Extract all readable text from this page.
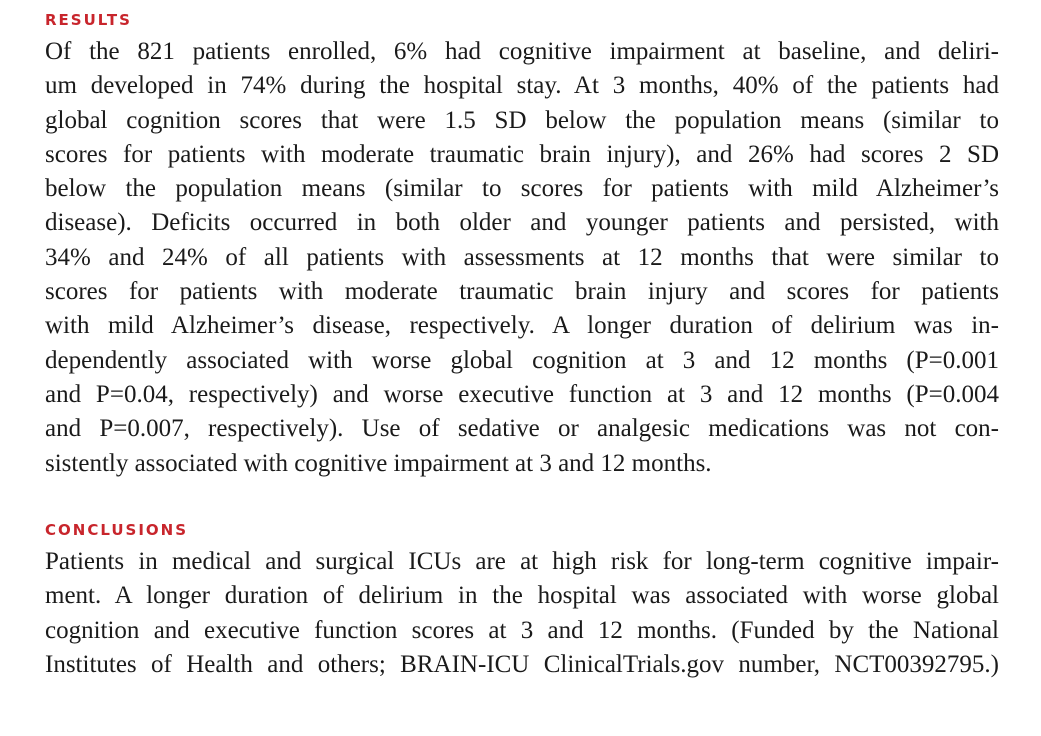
RESULTS
Of the 821 patients enrolled, 6% had cognitive impairment at baseline, and deliri-
um developed in 74% during the hospital stay. At 3 months, 40% of the patients had
global cognition scores that were 1.5 SD below the population means (similar to
scores for patients with moderate traumatic brain injury), and 26% had scores 2 SD
below the population means (similar to scores for patients with mild Alzheimer’s
disease). Deficits occurred in both older and younger patients and persisted, with
34% and 24% of all patients with assessments at 12 months that were similar to
scores for patients with moderate traumatic brain injury and scores for patients
with mild Alzheimer’s disease, respectively. A longer duration of delirium was in-
dependently associated with worse global cognition at 3 and 12 months (P=0.001
and P=0.04, respectively) and worse executive function at 3 and 12 months (P=0.004
and P=0.007, respectively). Use of sedative or analgesic medications was not con-
sistently associated with cognitive impairment at 3 and 12 months.
CONCLUSIONS
Patients in medical and surgical ICUs are at high risk for long-term cognitive impair-
ment. A longer duration of delirium in the hospital was associated with worse global
cognition and executive function scores at 3 and 12 months. (Funded by the National
Institutes of Health and others; BRAIN-ICU ClinicalTrials.gov number, NCT00392795.)
